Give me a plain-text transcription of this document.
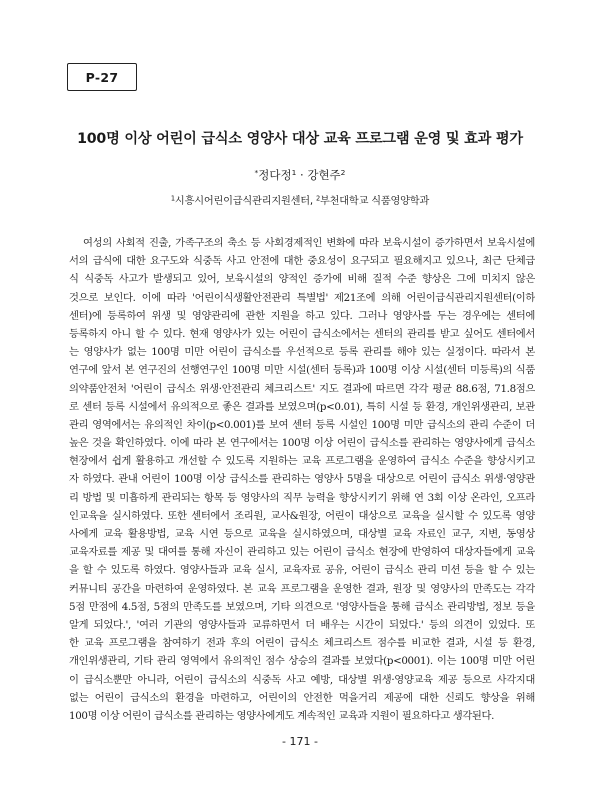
P-27
100명 이상 어린이 급식소 영양사 대상 교육 프로그램 운영 및 효과 평가
*정다정$^1$ · 강현주$^2$
$^1$시흥시어린이급식관리지원센터, $^2$부천대학교 식품영양학과
여성의 사회적 진출, 가족구조의 축소 등 사회경제적인 변화에 따라 보육시설이 증가하면서 보육시설에
서의 급식에 대한 요구도와 식중독 사고 안전에 대한 중요성이 요구되고 필요해지고 있으나, 최근 단체급
식 식중독 사고가 발생되고 있어, 보육시설의 양적인 증가에 비해 질적 수준 향상은 그에 미치지 않은
것으로 보인다. 이에 따라 '어린이식생활안전관리 특별법' 제21조에 의해 어린이급식관리지원센터(이하
센터)에 등록하여 위생 및 영양관리에 관한 지원을 하고 있다. 그러나 영양사를 두는 경우에는 센터에
등록하지 아니 할 수 있다. 현재 영양사가 있는 어린이 급식소에서는 센터의 관리를 받고 싶어도 센터에서
는 영양사가 없는 100명 미만 어린이 급식소를 우선적으로 등록 관리를 해야 있는 실정이다. 따라서 본
연구에 앞서 본 연구진의 선행연구인 100명 미만 시설(센터 등록)과 100명 이상 시설(센터 미등록)의 식품
의약품안전처 '어린이 급식소 위생·안전관리 체크리스트' 지도 결과에 따르면 각각 평균 88.6점, 71.8점으
로 센터 등록 시설에서 유의적으로 좋은 결과를 보였으며(p<0.01), 특히 시설 등 환경, 개인위생관리, 보관
관리 영역에서는 유의적인 차이(p<0.001)를 보여 센터 등록 시설인 100명 미만 급식소의 관리 수준이 더
높은 것을 확인하였다. 이에 따라 본 연구에서는 100명 이상 어린이 급식소를 관리하는 영양사에게 급식소
현장에서 쉽게 활용하고 개선할 수 있도록 지원하는 교육 프로그램을 운영하여 급식소 수준을 향상시키고
자 하였다. 관내 어린이 100명 이상 급식소를 관리하는 영양사 5명을 대상으로 어린이 급식소 위생·영양관
리 방법 및 미흡하게 관리되는 항목 등 영양사의 직무 능력을 향상시키기 위해 연 3회 이상 온라인, 오프라
인교육을 실시하였다. 또한 센터에서 조리원, 교사&원장, 어린이 대상으로 교육을 실시할 수 있도록 영양
사에게 교육 활용방법, 교육 시연 등으로 교육을 실시하였으며, 대상별 교육 자료인 교구, 지변, 동영상
교육자료를 제공 및 대여를 통해 자신이 관리하고 있는 어린이 급식소 현장에 반영하여 대상자들에게 교육
을 할 수 있도록 하였다. 영양사들과 교육 실시, 교육자료 공유, 어린이 급식소 관리 미션 등을 할 수 있는
커뮤니티 공간을 마련하여 운영하였다. 본 교육 프로그램을 운영한 결과, 원장 및 영양사의 만족도는 각각
5점 만점에 4.5점, 5점의 만족도를 보였으며, 기타 의견으로 '영양사들을 통해 급식소 관리방법, 정보 등을
알게 되었다.', '여러 기관의 영양사들과 교류하면서 더 배우는 시간이 되었다.' 등의 의견이 있었다. 또
한 교육 프로그램을 참여하기 전과 후의 어린이 급식소 체크리스트 점수를 비교한 결과, 시설 등 환경,
개인위생관리, 기타 관리 영역에서 유의적인 점수 상승의 결과를 보였다(p<0001). 이는 100명 미만 어린
이 급식소뿐만 아니라, 어린이 급식소의 식중독 사고 예방, 대상별 위생·영양교육 제공 등으로 사각지대
없는 어린이 급식소의 환경을 마련하고, 어린이의 안전한 먹을거리 제공에 대한 신뢰도 향상을 위해
100명 이상 어린이 급식소를 관리하는 영양사에게도 계속적인 교육과 지원이 필요하다고 생각된다.
- 171 -
